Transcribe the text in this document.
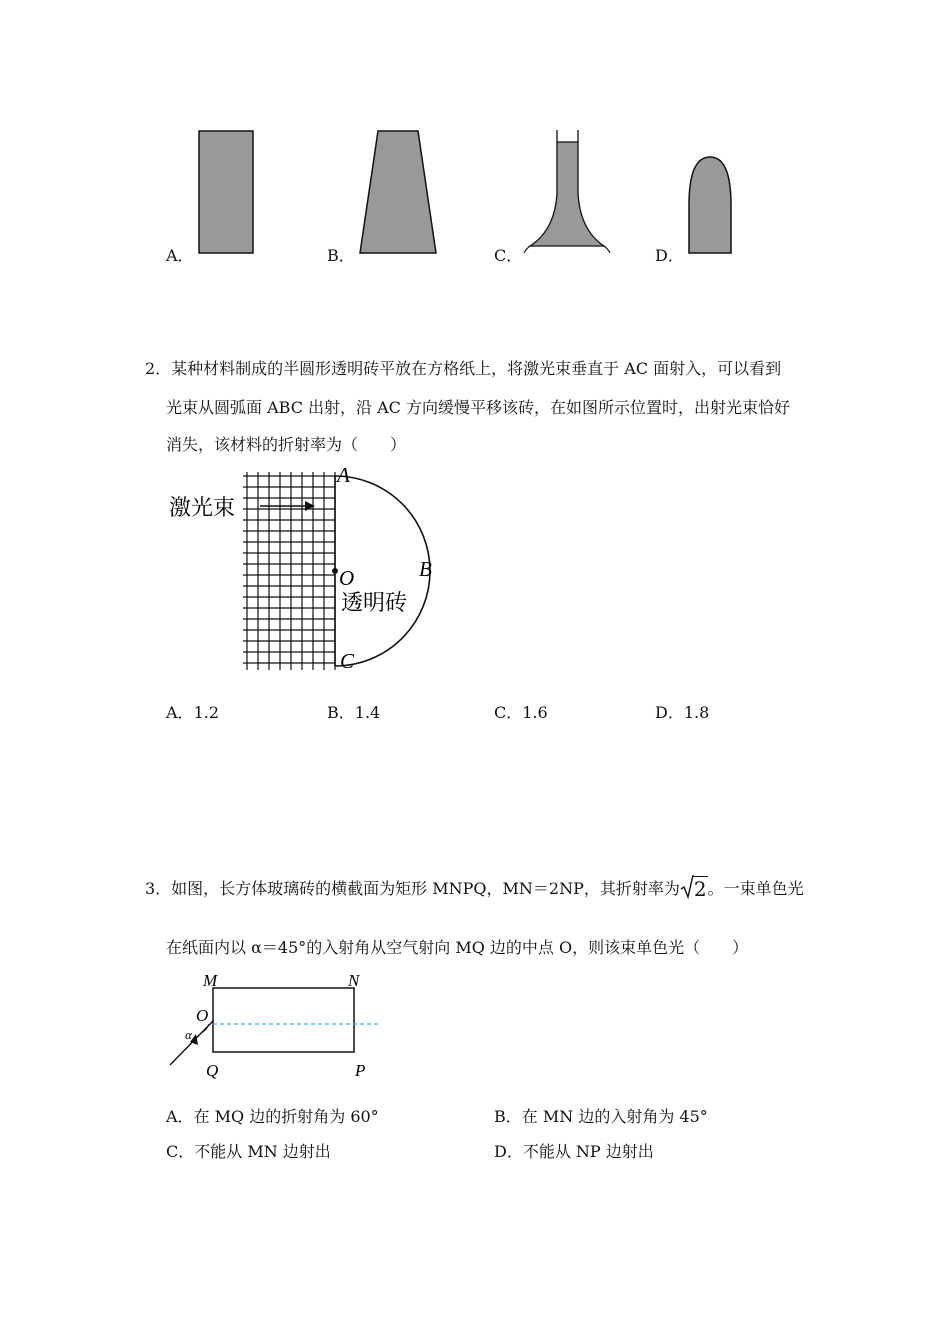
A．	B．	C．	D．
2．某种材料制成的半圆形透明砖平放在方格纸上，将激光束垂直于 AC 面射入，可以看到
光束从圆弧面 ABC 出射，沿 AC 方向缓慢平移该砖，在如图所示位置时，出射光束恰好
消失，该材料的折射率为（　　）
激光束
A
B
C
O
透明砖
A．1.2	B．1.4	C．1.6	D．1.8
3．如图，长方体玻璃砖的横截面为矩形 MNPQ，MN＝2NP，其折射率为 2。一束单色光
在纸面内以 α＝45°的入射角从空气射向 MQ 边的中点 O，则该束单色光（　　）
M	N
P
Q
O
α
A．在 MQ 边的折射角为 60°	B．在 MN 边的入射角为 45°
C．不能从 MN 边射出	D．不能从 NP 边射出
